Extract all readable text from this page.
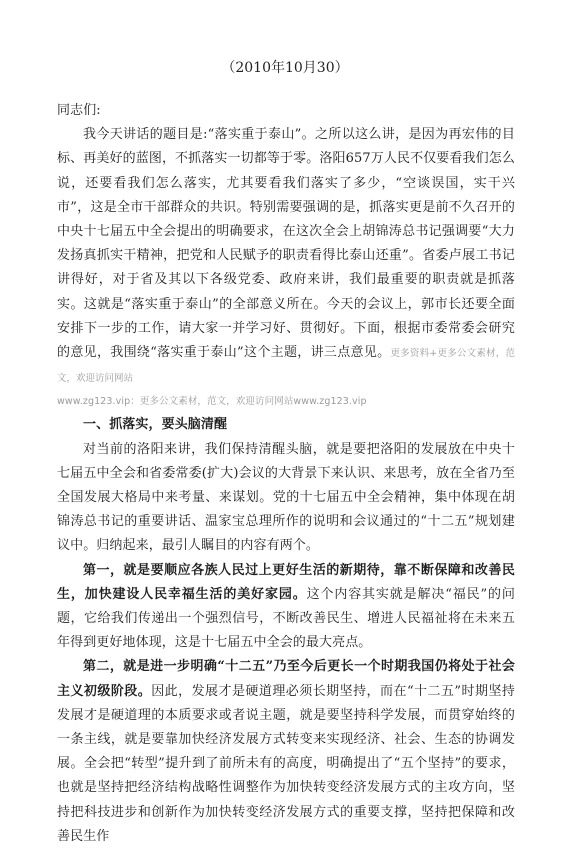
（2010年10月30）

同志们:

我今天讲话的题目是:“落实重于泰山”。之所以这么讲，是因为再宏伟的目标、再美好的蓝图，不抓落实一切都等于零。洛阳657万人民不仅要看我们怎么说，还要看我们怎么落实，尤其要看我们落实了多少，“空谈误国，实干兴市”，这是全市干部群众的共识。特别需要强调的是，抓落实更是前不久召开的中央十七届五中全会提出的明确要求，在这次全会上胡锦涛总书记强调要“大力发扬真抓实干精神，把党和人民赋予的职责看得比泰山还重”。省委卢展工书记讲得好，对于省及其以下各级党委、政府来讲，我们最重要的职责就是抓落实。这就是“落实重于泰山”的全部意义所在。今天的会议上，郭市长还要全面安排下一步的工作，请大家一并学习好、贯彻好。下面，根据市委常委会研究的意见，我围绕“落实重于泰山”这个主题，讲三点意见。更多资料+更多公文素材，范文，欢迎访问网站

www.zg123.vip：更多公文素材，范文，欢迎访问网站www.zg123.vip

一、抓落实，要头脑清醒

对当前的洛阳来讲，我们保持清醒头脑，就是要把洛阳的发展放在中央十七届五中全会和省委常委(扩大)会议的大背景下来认识、来思考，放在全省乃至全国发展大格局中来考量、来谋划。党的十七届五中全会精神，集中体现在胡锦涛总书记的重要讲话、温家宝总理所作的说明和会议通过的“十二五”规划建议中。归纳起来，最引人瞩目的内容有两个。

第一，就是要顺应各族人民过上更好生活的新期待，靠不断保障和改善民生，加快建设人民幸福生活的美好家园。这个内容其实就是解决“福民”的问题，它给我们传递出一个强烈信号，不断改善民生、增进人民福祉将在未来五年得到更好地体现，这是十七届五中全会的最大亮点。

第二，就是进一步明确“十二五”乃至今后更长一个时期我国仍将处于社会主义初级阶段。因此，发展才是硬道理必须长期坚持，而在“十二五”时期坚持发展才是硬道理的本质要求或者说主题，就是要坚持科学发展，而贯穿始终的一条主线，就是要靠加快经济发展方式转变来实现经济、社会、生态的协调发展。全会把“转型”提升到了前所未有的高度，明确提出了“五个坚持”的要求，也就是坚持把经济结构战略性调整作为加快转变经济发展方式的主攻方向，坚持把科技进步和创新作为加快转变经济发展方式的重要支撑，坚持把保障和改善民生作
